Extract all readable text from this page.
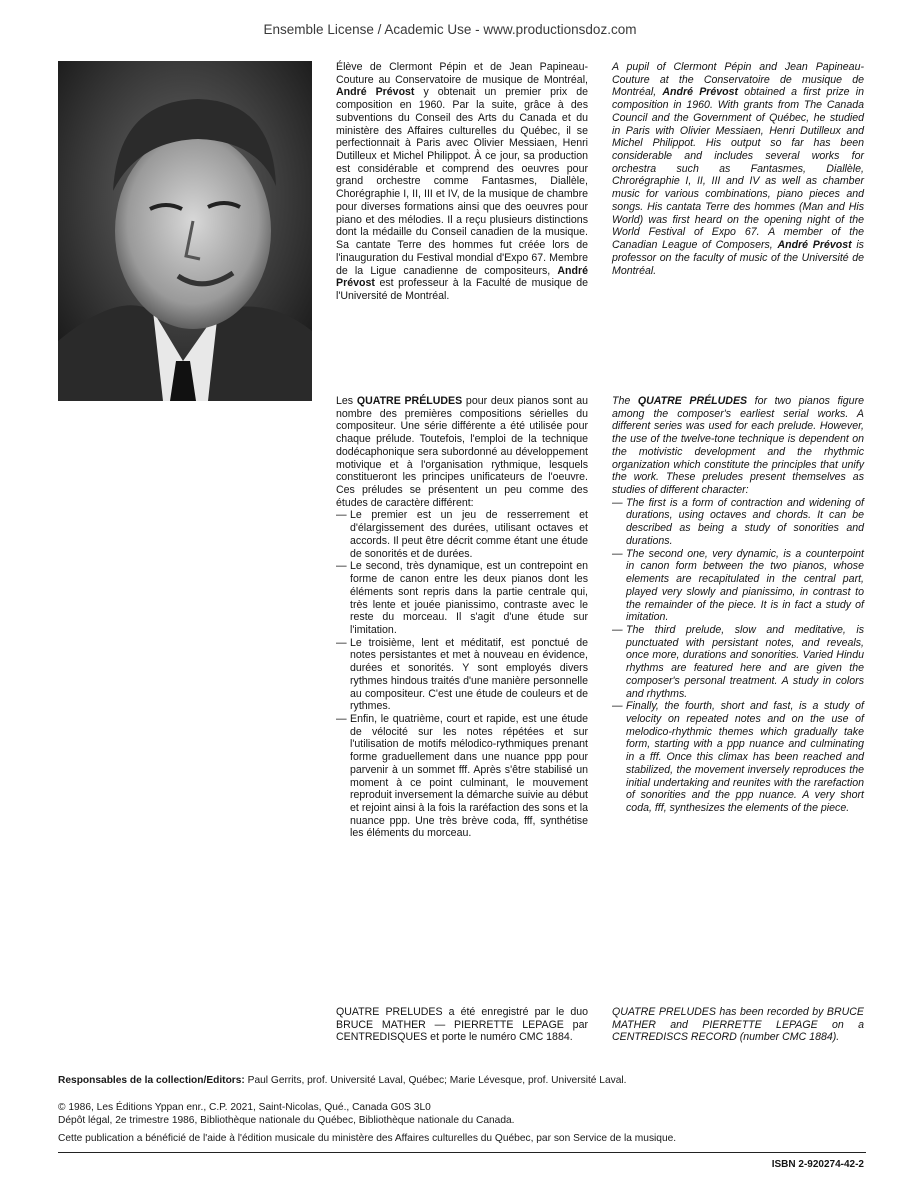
Ensemble License / Academic Use - www.productionsdoz.com

Élève de Clermont Pépin et de Jean Papineau-Couture au Conservatoire de musique de Montréal, André Prévost y obtenait un premier prix de composition en 1960. Par la suite, grâce à des subventions du Conseil des Arts du Canada et du ministère des Affaires culturelles du Québec, il se perfectionnait à Paris avec Olivier Messiaen, Henri Dutilleux et Michel Philippot. À ce jour, sa production est considérable et comprend des oeuvres pour grand orchestre comme Fantasmes, Diallèle, Chorégraphie I, II, III et IV, de la musique de chambre pour diverses formations ainsi que des oeuvres pour piano et des mélodies. Il a reçu plusieurs distinctions dont la médaille du Conseil canadien de la musique. Sa cantate Terre des hommes fut créée lors de l'inauguration du Festival mondial d'Expo 67. Membre de la Ligue canadienne de compositeurs, André Prévost est professeur à la Faculté de musique de l'Université de Montréal.

A pupil of Clermont Pépin and Jean Papineau-Couture at the Conservatoire de musique de Montréal, André Prévost obtained a first prize in composition in 1960. With grants from The Canada Council and the Government of Québec, he studied in Paris with Olivier Messiaen, Henri Dutilleux and Michel Philippot. His output so far has been considerable and includes several works for orchestra such as Fantasmes, Diallèle, Chrorégraphie I, II, III and IV as well as chamber music for various combinations, piano pieces and songs. His cantata Terre des hommes (Man and His World) was first heard on the opening night of the World Festival of Expo 67. A member of the Canadian League of Composers, André Prévost is professor on the faculty of music of the Université de Montréal.

Les QUATRE PRÉLUDES pour deux pianos sont au nombre des premières compositions sérielles du compositeur. Une série différente a été utilisée pour chaque prélude. Toutefois, l'emploi de la technique dodécaphonique sera subordonné au développement motivique et à l'organisation rythmique, lesquels constitueront les principes unificateurs de l'oeuvre. Ces préludes se présentent un peu comme des études de caractère différent:

— Le premier est un jeu de resserrement et d'élargissement des durées, utilisant octaves et accords. Il peut être décrit comme étant une étude de sonorités et de durées.
— Le second, très dynamique, est un contrepoint en forme de canon entre les deux pianos dont les éléments sont repris dans la partie centrale qui, très lente et jouée pianissimo, contraste avec le reste du morceau. Il s'agit d'une étude sur l'imitation.
— Le troisième, lent et méditatif, est ponctué de notes persistantes et met à nouveau en évidence, durées et sonorités. Y sont employés divers rythmes hindous traités d'une manière personnelle au compositeur. C'est une étude de couleurs et de rythmes.
— Enfin, le quatrième, court et rapide, est une étude de vélocité sur les notes répétées et sur l'utilisation de motifs mélodico-rythmiques prenant forme graduellement dans une nuance ppp pour parvenir à un sommet fff. Après s'être stabilisé un moment à ce point culminant, le mouvement reproduit inversement la démarche suivie au début et rejoint ainsi à la fois la raréfaction des sons et la nuance ppp. Une très brève coda, fff, synthétise les éléments du morceau.

The QUATRE PRÉLUDES for two pianos figure among the composer's earliest serial works. A different series was used for each prelude. However, the use of the twelve-tone technique is dependent on the motivistic development and the rhythmic organization which constitute the principles that unify the work. These preludes present themselves as studies of different character:

— The first is a form of contraction and widening of durations, using octaves and chords. It can be described as being a study of sonorities and durations.
— The second one, very dynamic, is a counterpoint in canon form between the two pianos, whose elements are recapitulated in the central part, played very slowly and pianissimo, in contrast to the remainder of the piece. It is in fact a study of imitation.
— The third prelude, slow and meditative, is punctuated with persistant notes, and reveals, once more, durations and sonorities. Varied Hindu rhythms are featured here and are given the composer's personal treatment. A study in colors and rhythms.
— Finally, the fourth, short and fast, is a study of velocity on repeated notes and on the use of melodico-rhythmic themes which gradually take form, starting with a ppp nuance and culminating in a fff. Once this climax has been reached and stabilized, the movement inversely reproduces the initial undertaking and reunites with the rarefaction of sonorities and the ppp nuance. A very short coda, fff, synthesizes the elements of the piece.
QUATRE PRELUDES a été enregistré par le duo BRUCE MATHER — PIERRETTE LEPAGE par CENTREDISQUES et porte le numéro CMC 1884.
QUATRE PRELUDES has been recorded by BRUCE MATHER and PIERRETTE LEPAGE on a CENTREDISCS RECORD (number CMC 1884).
Responsables de la collection/Editors: Paul Gerrits, prof. Université Laval, Québec; Marie Lévesque, prof. Université Laval.
© 1986, Les Éditions Yppan enr., C.P. 2021, Saint-Nicolas, Qué., Canada G0S 3L0
Dépôt légal, 2e trimestre 1986, Bibliothèque nationale du Québec, Bibliothèque nationale du Canada.
Cette publication a bénéficié de l'aide à l'édition musicale du ministère des Affaires culturelles du Québec, par son Service de la musique.
ISBN 2-920274-42-2
